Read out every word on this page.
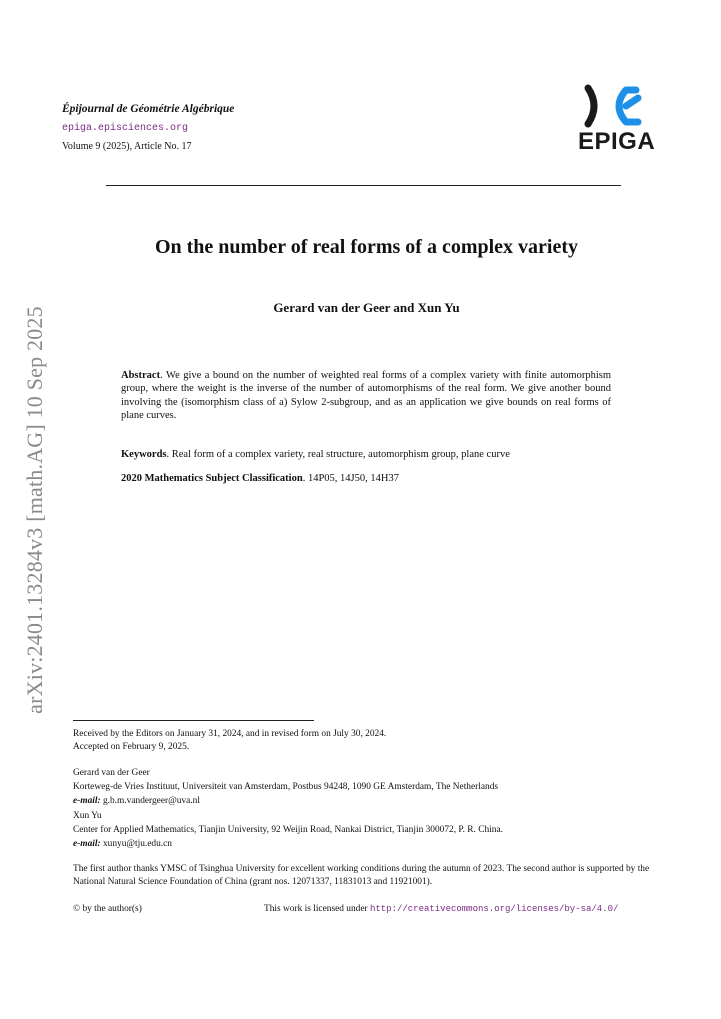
Épijournal de Géométrie Algébrique
epiga.episciences.org
Volume 9 (2025), Article No. 17	EPIGA
arXiv:2401.13284v3 [math.AG] 10 Sep 2025
On the number of real forms of a complex variety
Gerard van der Geer and Xun Yu
Abstract. We give a bound on the number of weighted real forms of a complex variety with finite automorphism group, where the weight is the inverse of the number of automorphisms of the real form. We give another bound involving the (isomorphism class of a) Sylow 2-subgroup, and as an application we give bounds on real forms of plane curves.
Keywords. Real form of a complex variety, real structure, automorphism group, plane curve
2020 Mathematics Subject Classification. 14P05, 14J50, 14H37
Received by the Editors on January 31, 2024, and in revised form on July 30, 2024.
Accepted on February 9, 2025.
Gerard van der Geer
Korteweg-de Vries Instituut, Universiteit van Amsterdam, Postbus 94248, 1090 GE Amsterdam, The Netherlands
e-mail: g.b.m.vandergeer@uva.nl
Xun Yu
Center for Applied Mathematics, Tianjin University, 92 Weijin Road, Nankai District, Tianjin 300072, P. R. China.
e-mail: xunyu@tju.edu.cn
The first author thanks YMSC of Tsinghua University for excellent working conditions during the autumn of 2023. The second author is supported by the National Natural Science Foundation of China (grant nos. 12071337, 11831013 and 11921001).
© by the author(s)	This work is licensed under http://creativecommons.org/licenses/by-sa/4.0/
